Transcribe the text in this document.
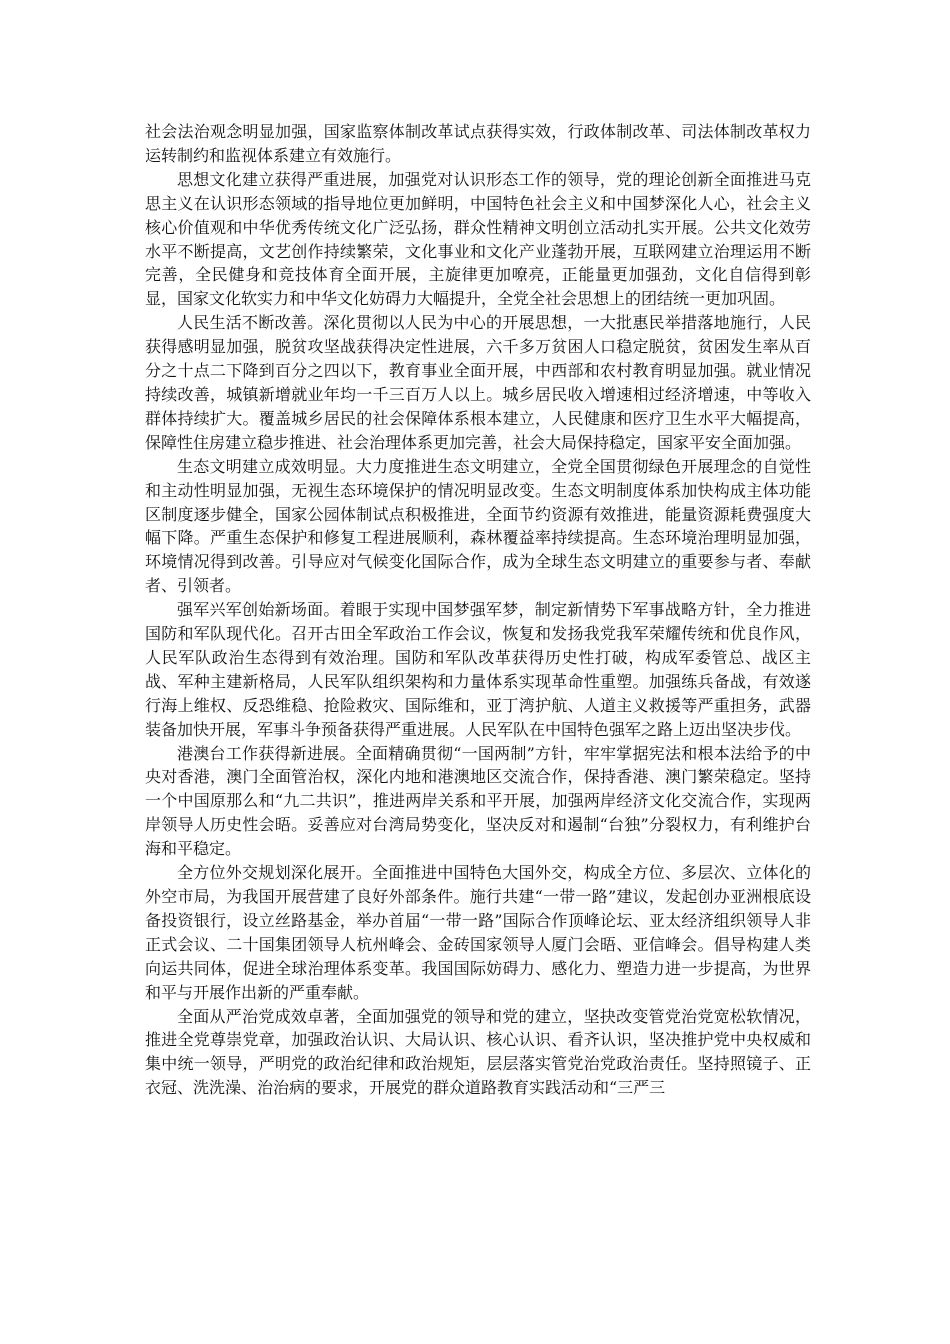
社会法治观念明显加强，国家监察体制改革试点获得实效，行政体制改革、司法体制改革权力运转制约和监视体系建立有效施行。

思想文化建立获得严重进展，加强党对认识形态工作的领导，党的理论创新全面推进马克思主义在认识形态领域的指导地位更加鲜明，中国特色社会主义和中国梦深化人心，社会主义核心价值观和中华优秀传统文化广泛弘扬，群众性精神文明创立活动扎实开展。公共文化效劳水平不断提高，文艺创作持续繁荣，文化事业和文化产业蓬勃开展，互联网建立治理运用不断完善，全民健身和竞技体育全面开展，主旋律更加嘹亮，正能量更加强劲，文化自信得到彰显，国家文化软实力和中华文化妨碍力大幅提升，全党全社会思想上的团结统一更加巩固。

人民生活不断改善。深化贯彻以人民为中心的开展思想，一大批惠民举措落地施行，人民获得感明显加强，脱贫攻坚战获得决定性进展，六千多万贫困人口稳定脱贫，贫困发生率从百分之十点二下降到百分之四以下，教育事业全面开展，中西部和农村教育明显加强。就业情况持续改善，城镇新增就业年均一千三百万人以上。城乡居民收入增速相过经济增速，中等收入群体持续扩大。覆盖城乡居民的社会保障体系根本建立，人民健康和医疗卫生水平大幅提高，保障性住房建立稳步推进、社会治理体系更加完善，社会大局保持稳定，国家平安全面加强。

生态文明建立成效明显。大力度推进生态文明建立，全党全国贯彻绿色开展理念的自觉性和主动性明显加强，无视生态环境保护的情况明显改变。生态文明制度体系加快构成主体功能区制度逐步健全，国家公园体制试点积极推进，全面节约资源有效推进，能量资源耗费强度大幅下降。严重生态保护和修复工程进展顺利，森林覆益率持续提高。生态环境治理明显加强，环境情况得到改善。引导应对气候变化国际合作，成为全球生态文明建立的重要参与者、奉献者、引领者。

强军兴军创始新场面。着眼于实现中国梦强军梦，制定新情势下军事战略方针，全力推进国防和军队现代化。召开古田全军政治工作会议，恢复和发扬我党我军荣耀传统和优良作风，人民军队政治生态得到有效治理。国防和军队改革获得历史性打破，构成军委管总、战区主战、军种主建新格局，人民军队组织架构和力量体系实现革命性重塑。加强练兵备战，有效遂行海上维权、反恐维稳、抢险救灾、国际维和，亚丁湾护航、人道主义救援等严重担务，武器装备加快开展，军事斗争预备获得严重进展。人民军队在中国特色强军之路上迈出坚决步伐。

港澳台工作获得新进展。全面精确贯彻“一国两制”方针，牢牢掌据宪法和根本法给予的中央对香港，澳门全面管治权，深化内地和港澳地区交流合作，保持香港、澳门繁荣稳定。坚持一个中国原那么和“九二共识”，推进两岸关系和平开展，加强两岸经济文化交流合作，实现两岸领导人历史性会晤。妥善应对台湾局势变化，坚决反对和遏制“台独”分裂权力，有利维护台海和平稳定。

全方位外交规划深化展开。全面推进中国特色大国外交，构成全方位、多层次、立体化的外空市局，为我国开展营建了良好外部条件。施行共建“一带一路”建议，发起创办亚洲根底设备投资银行，设立丝路基金，举办首届“一带一路”国际合作顶峰论坛、亚太经济组织领导人非正式会议、二十国集团领导人杭州峰会、金砖国家领导人厦门会晤、亚信峰会。倡导构建人类向运共同体，促进全球治理体系变革。我国国际妨碍力、感化力、塑造力进一步提高，为世界和平与开展作出新的严重奉献。

全面从严治党成效卓著，全面加强党的领导和党的建立，坚抉改变管党治党宽松软情况，推进全党尊崇党章，加强政治认识、大局认识、核心认识、看齐认识，坚决推护党中央权威和集中统一领导，严明党的政治纪律和政治规矩，层层落实管党治党政治责任。坚持照镜子、正衣冠、洗洗澡、治治病的要求，开展党的群众道路教育实践活动和“三严三
